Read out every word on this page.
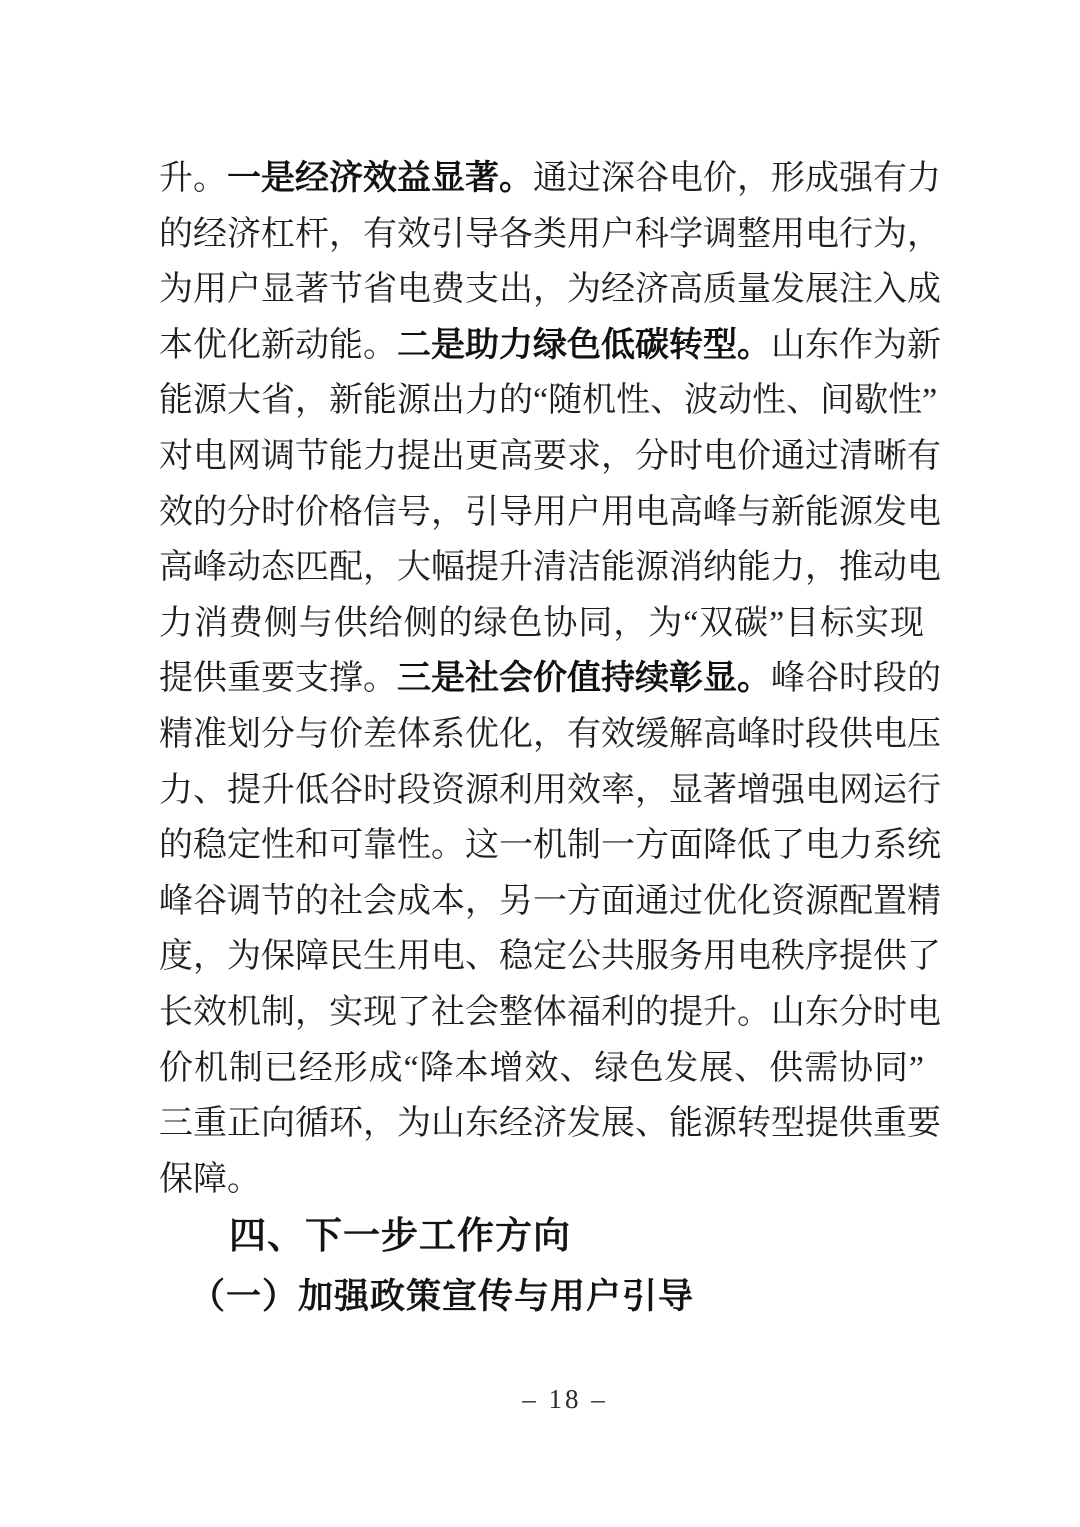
升。一是经济效益显著。通过深谷电价，形成强有力
的经济杠杆，有效引导各类用户科学调整用电行为，
为用户显著节省电费支出，为经济高质量发展注入成
本优化新动能。二是助力绿色低碳转型。山东作为新
能源大省，新能源出力的“随机性、波动性、间歇性”
对电网调节能力提出更高要求，分时电价通过清晰有
效的分时价格信号，引导用户用电高峰与新能源发电
高峰动态匹配，大幅提升清洁能源消纳能力，推动电
力消费侧与供给侧的绿色协同，为“双碳”目标实现
提供重要支撑。三是社会价值持续彰显。峰谷时段的
精准划分与价差体系优化，有效缓解高峰时段供电压
力、提升低谷时段资源利用效率，显著增强电网运行
的稳定性和可靠性。这一机制一方面降低了电力系统
峰谷调节的社会成本，另一方面通过优化资源配置精
度，为保障民生用电、稳定公共服务用电秩序提供了
长效机制，实现了社会整体福利的提升。山东分时电
价机制已经形成“降本增效、绿色发展、供需协同”
三重正向循环，为山东经济发展、能源转型提供重要
保障。
四、下一步工作方向
（一）加强政策宣传与用户引导
– 18 –
